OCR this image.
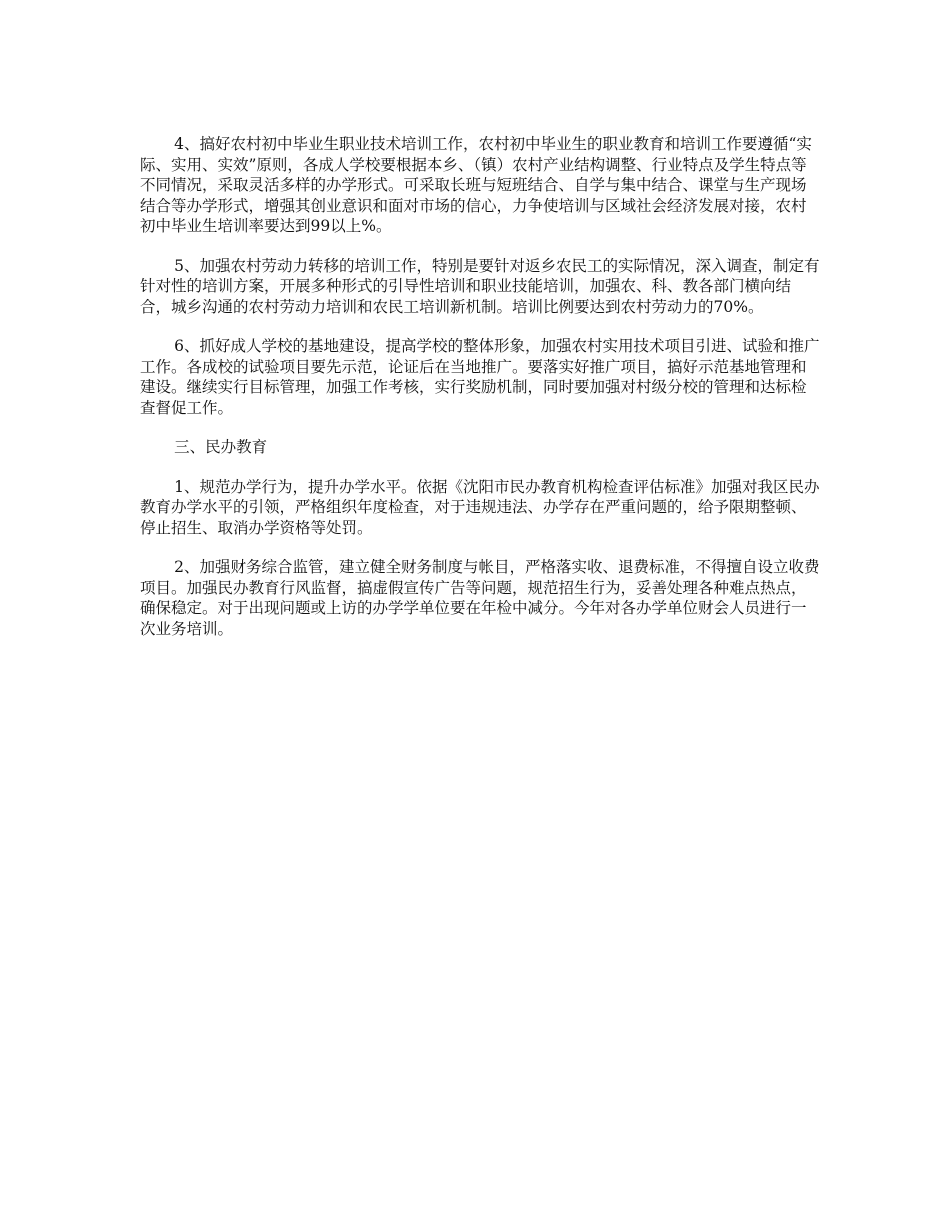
4、搞好农村初中毕业生职业技术培训工作，农村初中毕业生的职业教育和培训工作要遵循“实际、实用、实效”原则，各成人学校要根据本乡、（镇）农村产业结构调整、行业特点及学生特点等不同情况，采取灵活多样的办学形式。可采取长班与短班结合、自学与集中结合、课堂与生产现场结合等办学形式，增强其创业意识和面对市场的信心，力争使培训与区域社会经济发展对接，农村初中毕业生培训率要达到99以上%。

5、加强农村劳动力转移的培训工作，特别是要针对返乡农民工的实际情况，深入调查，制定有针对性的培训方案，开展多种形式的引导性培训和职业技能培训，加强农、科、教各部门横向结合，城乡沟通的农村劳动力培训和农民工培训新机制。培训比例要达到农村劳动力的70%。

6、抓好成人学校的基地建设，提高学校的整体形象，加强农村实用技术项目引进、试验和推广工作。各成校的试验项目要先示范，论证后在当地推广。要落实好推广项目，搞好示范基地管理和建设。继续实行目标管理，加强工作考核，实行奖励机制，同时要加强对村级分校的管理和达标检查督促工作。

三、民办教育

1、规范办学行为，提升办学水平。依据《沈阳市民办教育机构检查评估标准》加强对我区民办教育办学水平的引领，严格组织年度检查，对于违规违法、办学存在严重问题的，给予限期整顿、停止招生、取消办学资格等处罚。

2、加强财务综合监管，建立健全财务制度与帐目，严格落实收、退费标准，不得擅自设立收费项目。加强民办教育行风监督，搞虚假宣传广告等问题，规范招生行为，妥善处理各种难点热点，确保稳定。对于出现问题或上访的办学学单位要在年检中减分。今年对各办学单位财会人员进行一次业务培训。
